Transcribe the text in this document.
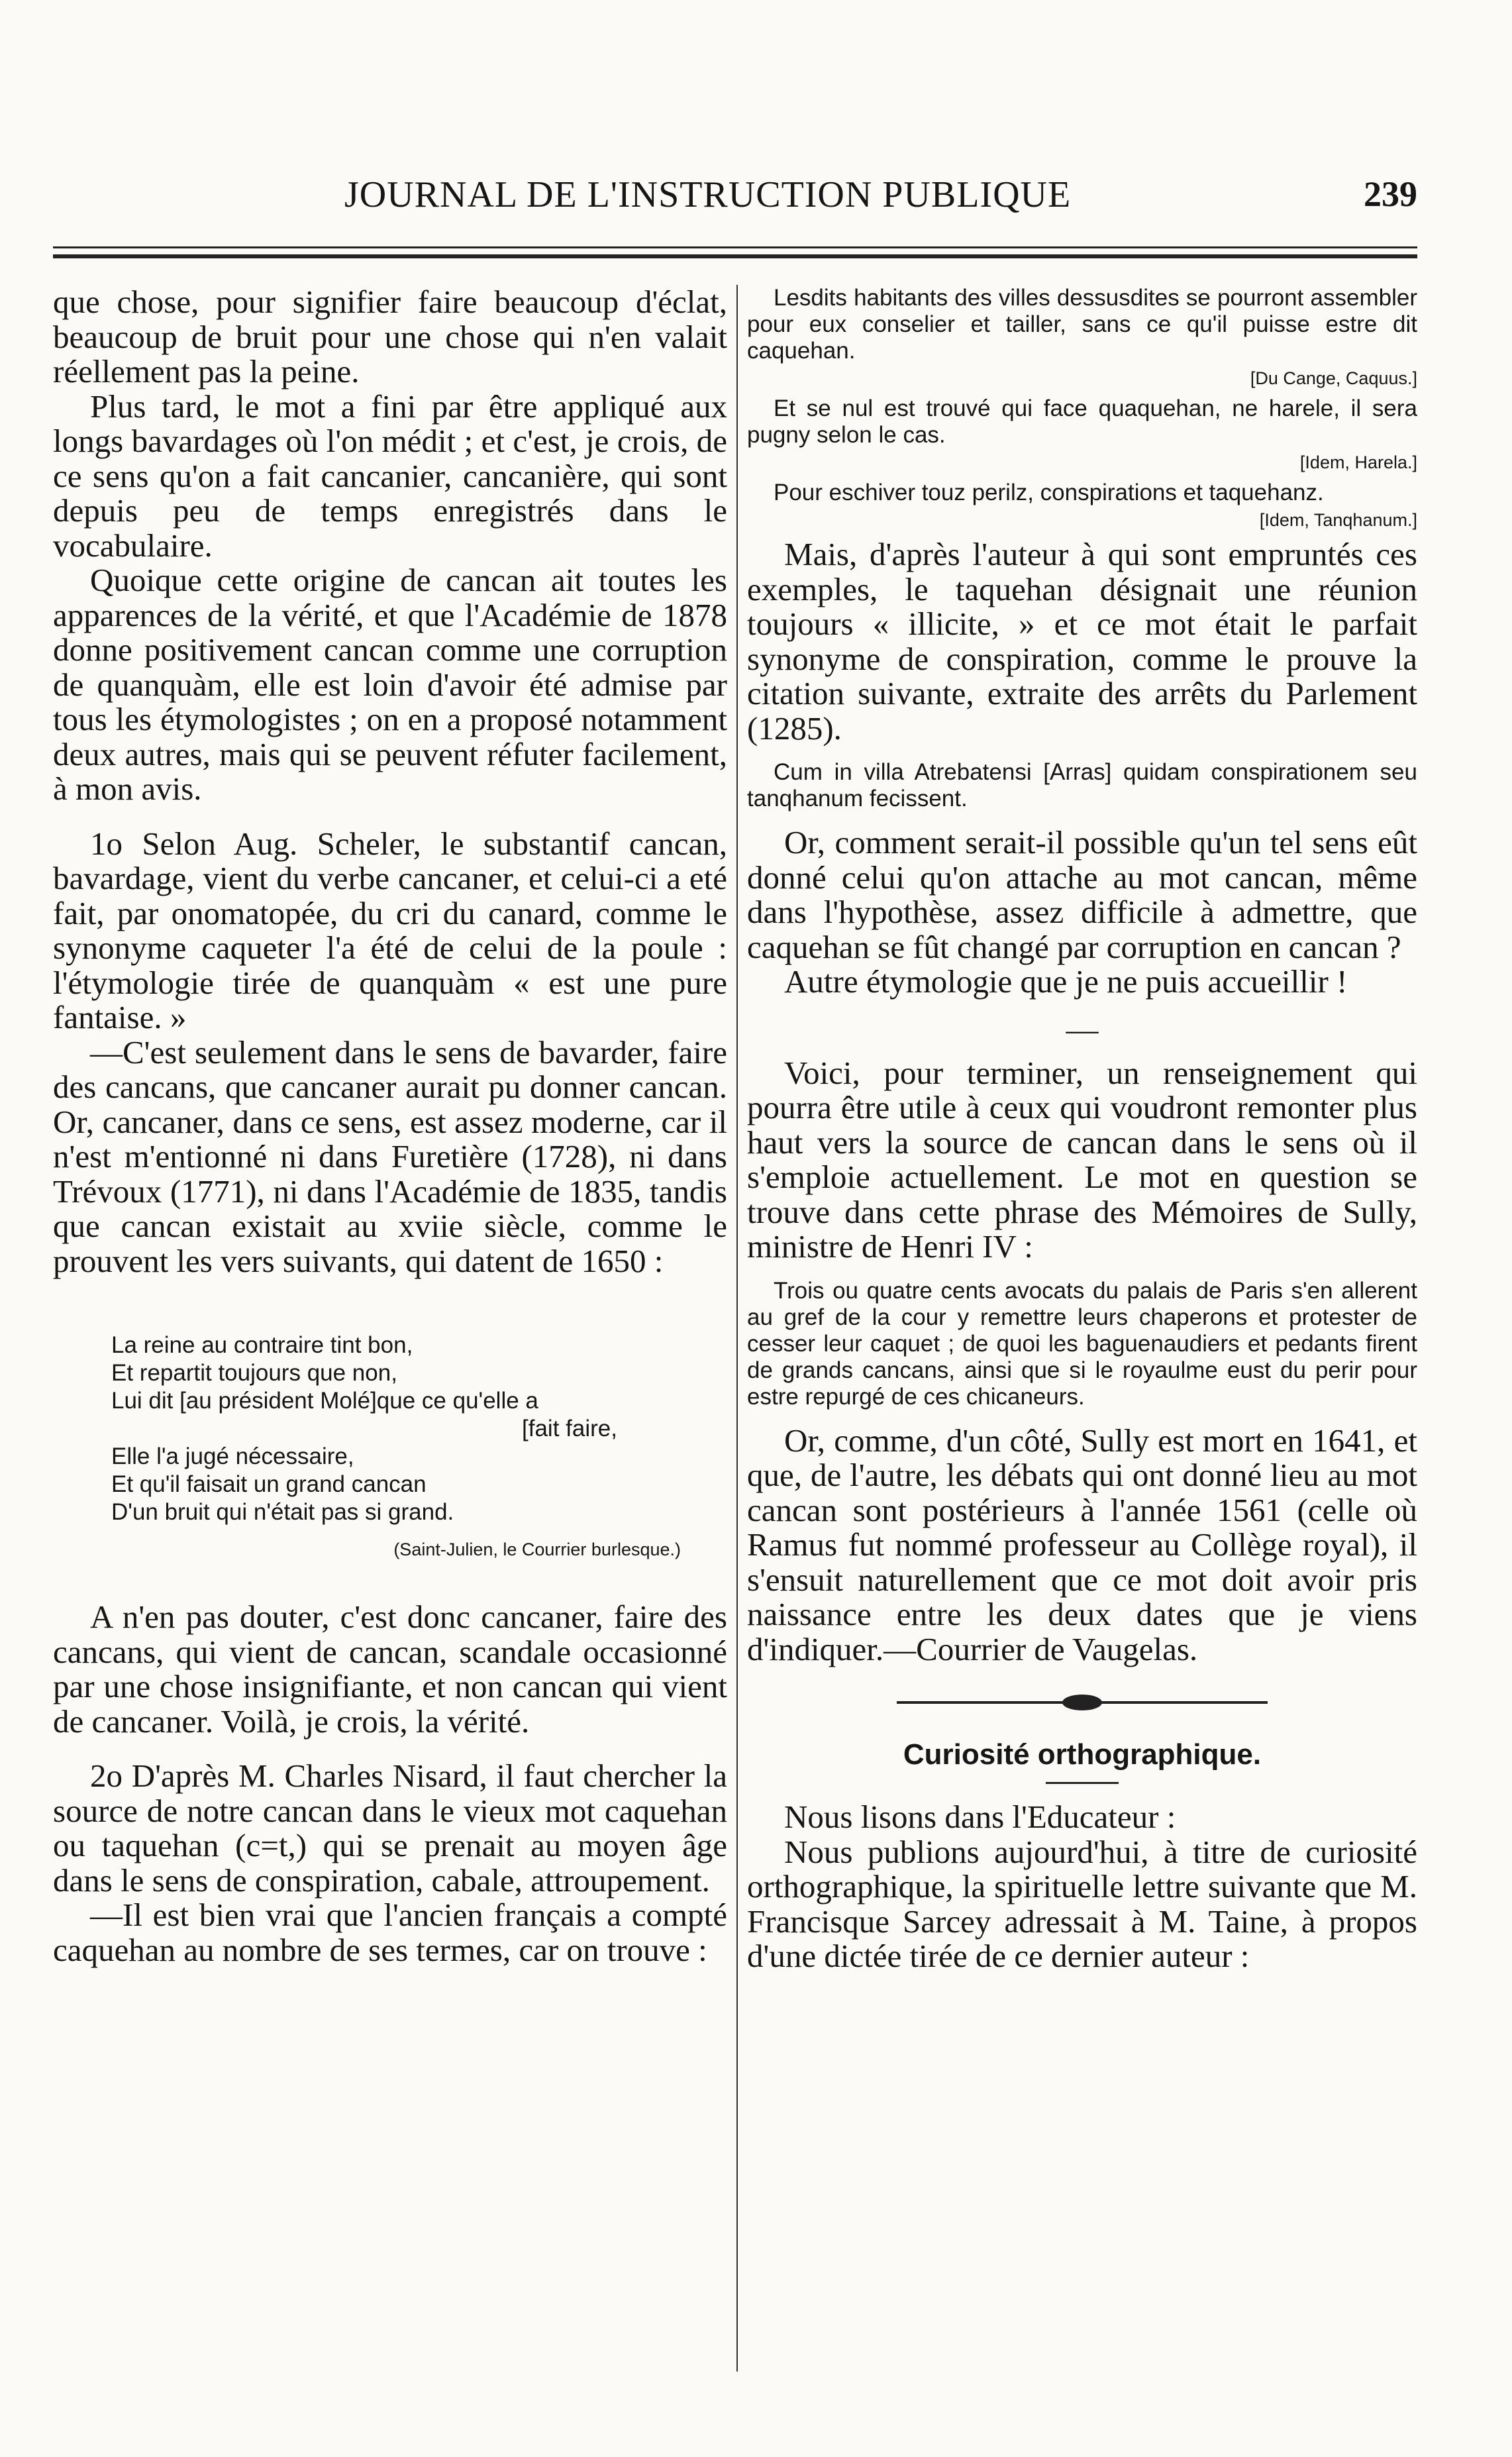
JOURNAL DE L'INSTRUCTION PUBLIQUE	239

que chose, pour signifier faire beaucoup d'éclat, beaucoup de bruit pour une chose qui n'en valait réellement pas la peine.

Plus tard, le mot a fini par être appliqué aux longs bavardages où l'on médit ; et c'est, je crois, de ce sens qu'on a fait cancanier, cancanière, qui sont depuis peu de temps enregistrés dans le vocabulaire.

Quoique cette origine de cancan ait toutes les apparences de la vérité, et que l'Académie de 1878 donne positivement cancan comme une corruption de quanquàm, elle est loin d'avoir été admise par tous les étymologistes ; on en a proposé notamment deux autres, mais qui se peuvent réfuter facilement, à mon avis.

1o Selon Aug. Scheler, le substantif cancan, bavardage, vient du verbe cancaner, et celui-ci a eté fait, par onomatopée, du cri du canard, comme le synonyme caqueter l'a été de celui de la poule : l'étymologie tirée de quanquàm « est une pure fantaise. »

—C'est seulement dans le sens de bavarder, faire des cancans, que cancaner aurait pu donner cancan. Or, cancaner, dans ce sens, est assez moderne, car il n'est m'entionné ni dans Furetière (1728), ni dans Trévoux (1771), ni dans l'Académie de 1835, tandis que cancan existait au xviie siècle, comme le prouvent les vers suivants, qui datent de 1650 :

La reine au contraire tint bon,
Et repartit toujours que non,
Lui dit [au président Molé]que ce qu'elle a
[fait faire,
Elle l'a jugé nécessaire,
Et qu'il faisait un grand cancan
D'un bruit qui n'était pas si grand.
(Saint-Julien, le Courrier burlesque.)

A n'en pas douter, c'est donc cancaner, faire des cancans, qui vient de cancan, scandale occasionné par une chose insignifiante, et non cancan qui vient de cancaner. Voilà, je crois, la vérité.

2o D'après M. Charles Nisard, il faut chercher la source de notre cancan dans le vieux mot caquehan ou taquehan (c=t,) qui se prenait au moyen âge dans le sens de conspiration, cabale, attroupement.

—Il est bien vrai que l'ancien français a compté caquehan au nombre de ses termes, car on trouve :

Lesdits habitants des villes dessusdites se pourront assembler pour eux conselier et tailler, sans ce qu'il puisse estre dit caquehan.

[Du Cange, Caquus.]

Et se nul est trouvé qui face quaquehan, ne harele, il sera pugny selon le cas.

[Idem, Harela.]

Pour eschiver touz perilz, conspirations et taquehanz.

[Idem, Tanqhanum.]

Mais, d'après l'auteur à qui sont empruntés ces exemples, le taquehan désignait une réunion toujours « illicite, » et ce mot était le parfait synonyme de conspiration, comme le prouve la citation suivante, extraite des arrêts du Parlement (1285).

Cum in villa Atrebatensi [Arras] quidam conspirationem seu tanqhanum fecissent.

Or, comment serait-il possible qu'un tel sens eût donné celui qu'on attache au mot cancan, même dans l'hypothèse, assez difficile à admettre, que caquehan se fût changé par corruption en cancan ?

Autre étymologie que je ne puis accueillir !

—

Voici, pour terminer, un renseignement qui pourra être utile à ceux qui voudront remonter plus haut vers la source de cancan dans le sens où il s'emploie actuellement. Le mot en question se trouve dans cette phrase des Mémoires de Sully, ministre de Henri IV :

Trois ou quatre cents avocats du palais de Paris s'en allerent au gref de la cour y remettre leurs chaperons et protester de cesser leur caquet ; de quoi les baguenaudiers et pedants firent de grands cancans, ainsi que si le royaulme eust du perir pour estre repurgé de ces chicaneurs.

Or, comme, d'un côté, Sully est mort en 1641, et que, de l'autre, les débats qui ont donné lieu au mot cancan sont postérieurs à l'année 1561 (celle où Ramus fut nommé professeur au Collège royal), il s'ensuit naturellement que ce mot doit avoir pris naissance entre les deux dates que je viens d'indiquer.—Courrier de Vaugelas.

Curiosité orthographique.

Nous lisons dans l'Educateur :

Nous publions aujourd'hui, à titre de curiosité orthographique, la spirituelle lettre suivante que M. Francisque Sarcey adressait à M. Taine, à propos d'une dictée tirée de ce dernier auteur :
